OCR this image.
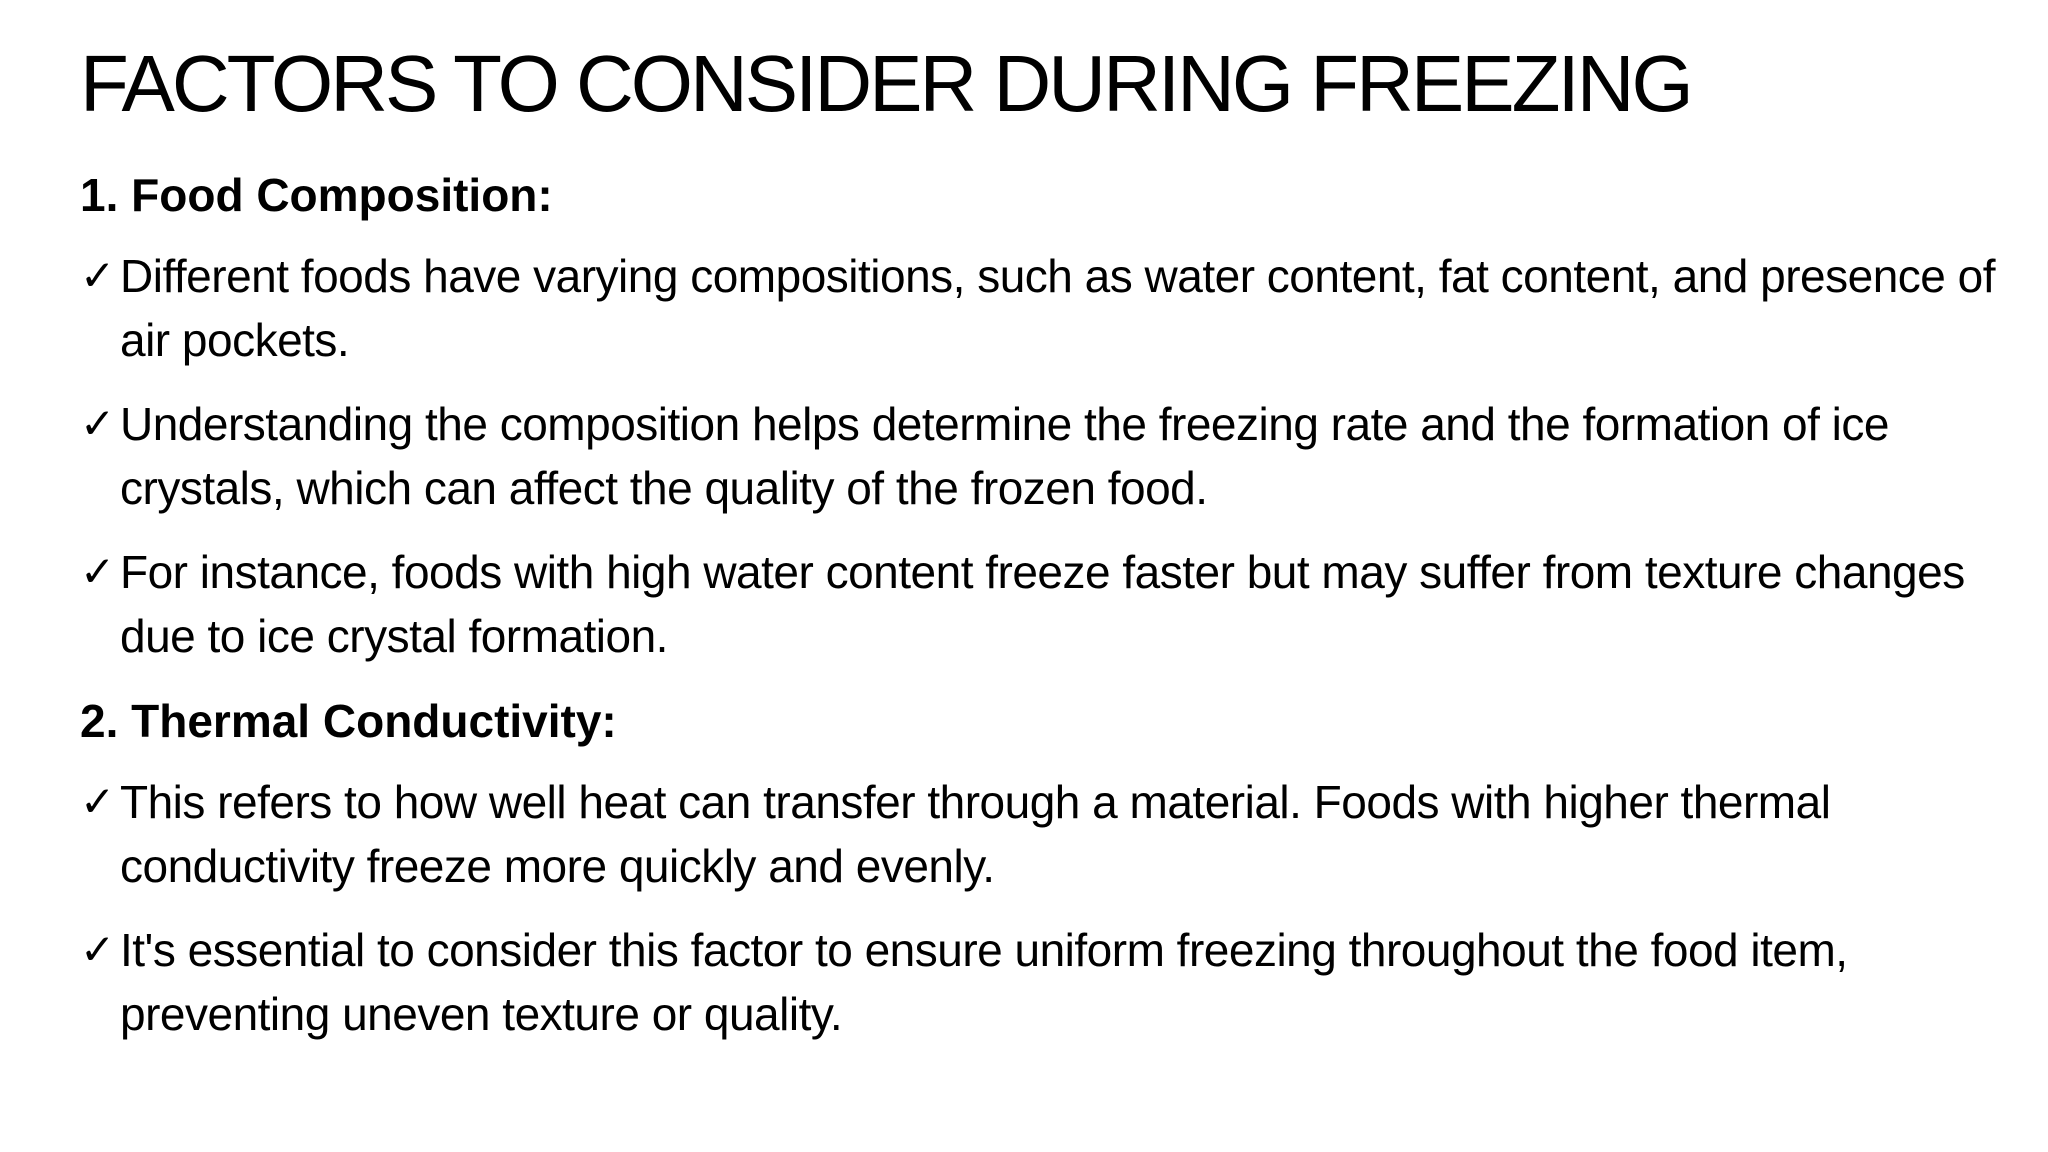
FACTORS TO CONSIDER DURING FREEZING
1. Food Composition:
✓ Different foods have varying compositions, such as water content, fat content, and presence of air pockets.
✓ Understanding the composition helps determine the freezing rate and the formation of ice crystals, which can affect the quality of the frozen food.
✓ For instance, foods with high water content freeze faster but may suffer from texture changes due to ice crystal formation.
2. Thermal Conductivity:
✓ This refers to how well heat can transfer through a material. Foods with higher thermal conductivity freeze more quickly and evenly.
✓ It's essential to consider this factor to ensure uniform freezing throughout the food item, preventing uneven texture or quality.
